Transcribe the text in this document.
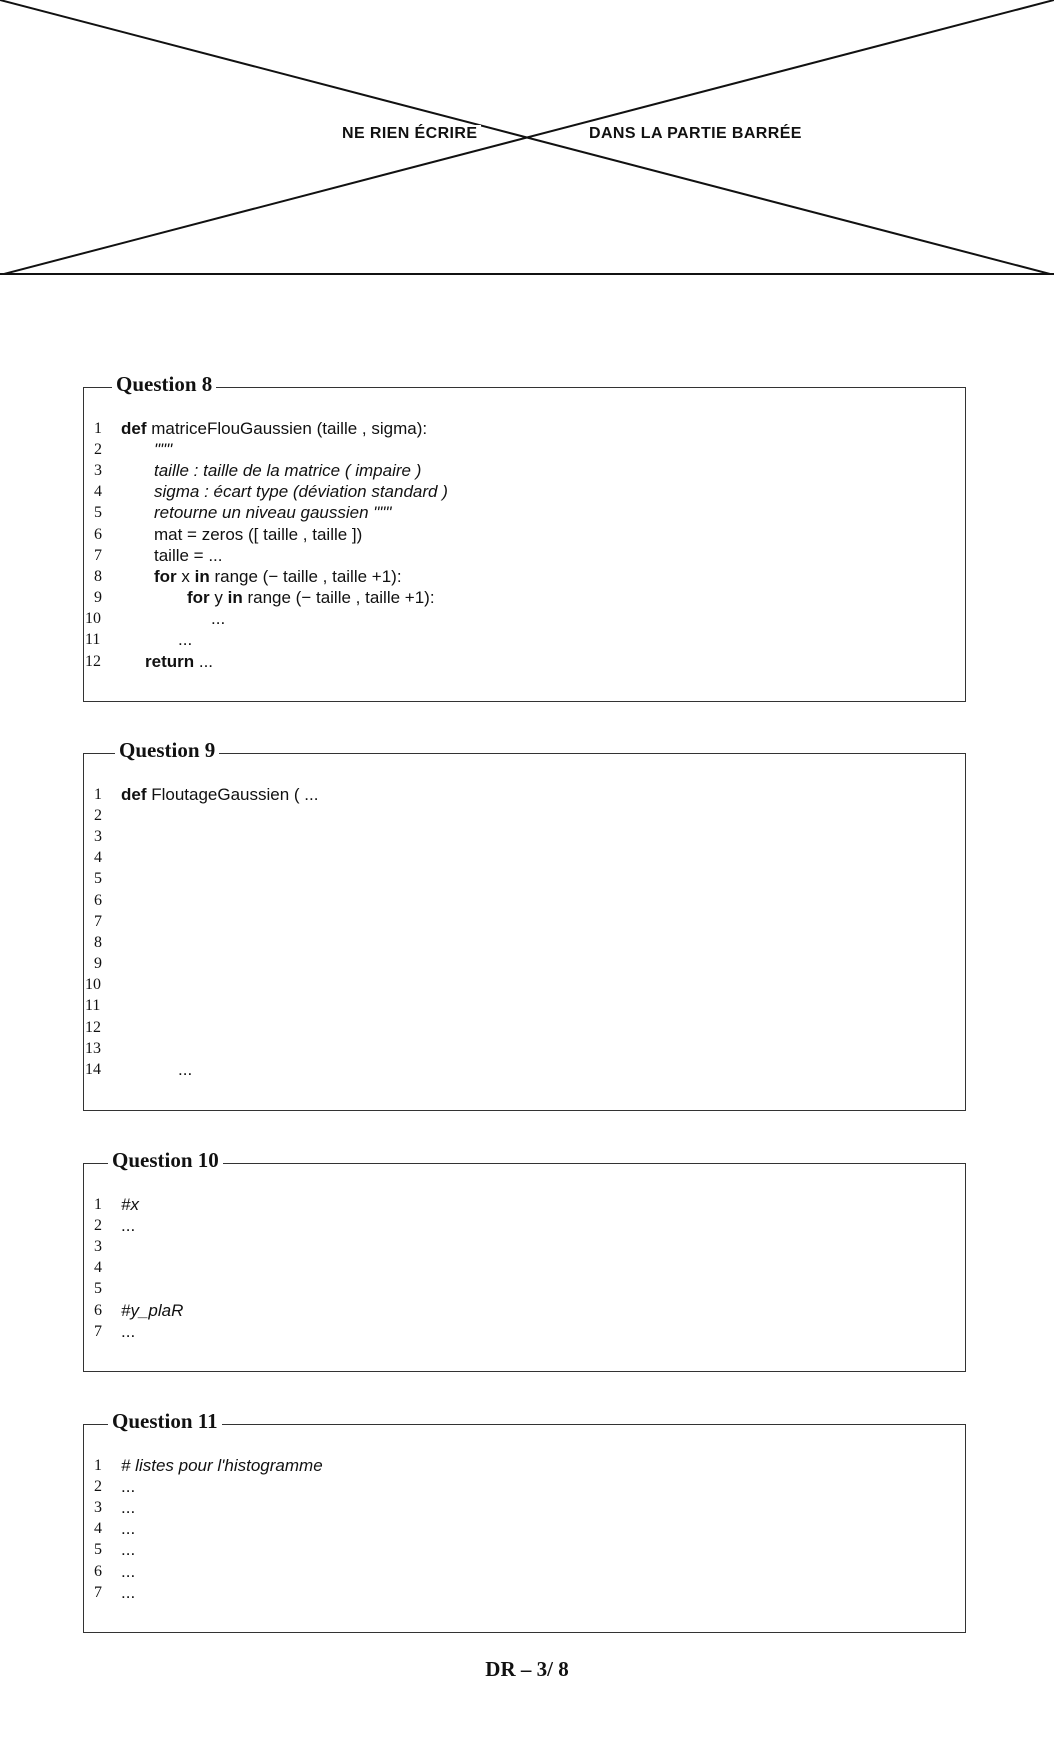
NE RIEN ÉCRIRE	DANS LA PARTIE BARRÉE
Question 8
1 def matriceFlouGaussien (taille , sigma):
2	"""
3	taille : taille de la matrice ( impaire )
4	sigma : écart type (déviation standard )
5	retourne un niveau gaussien """
6	mat = zeros ([ taille , taille ])
7	taille = ...
8	for x in range (− taille , taille +1):
9	for y in range (− taille , taille +1):
10	...
11	...
12	return ...
Question 9
1 def FloutageGaussien ( ...
2
3
4
5
6
7
8
9
10
11
12
13
14	...
Question 10
1 #x
2 ...
3
4
5
6 #y_plaR
7 ...
Question 11
1 # listes pour l'histogramme
2 ...
3 ...
4 ...
5 ...
6 ...
7 ...
DR – 3/ 8
